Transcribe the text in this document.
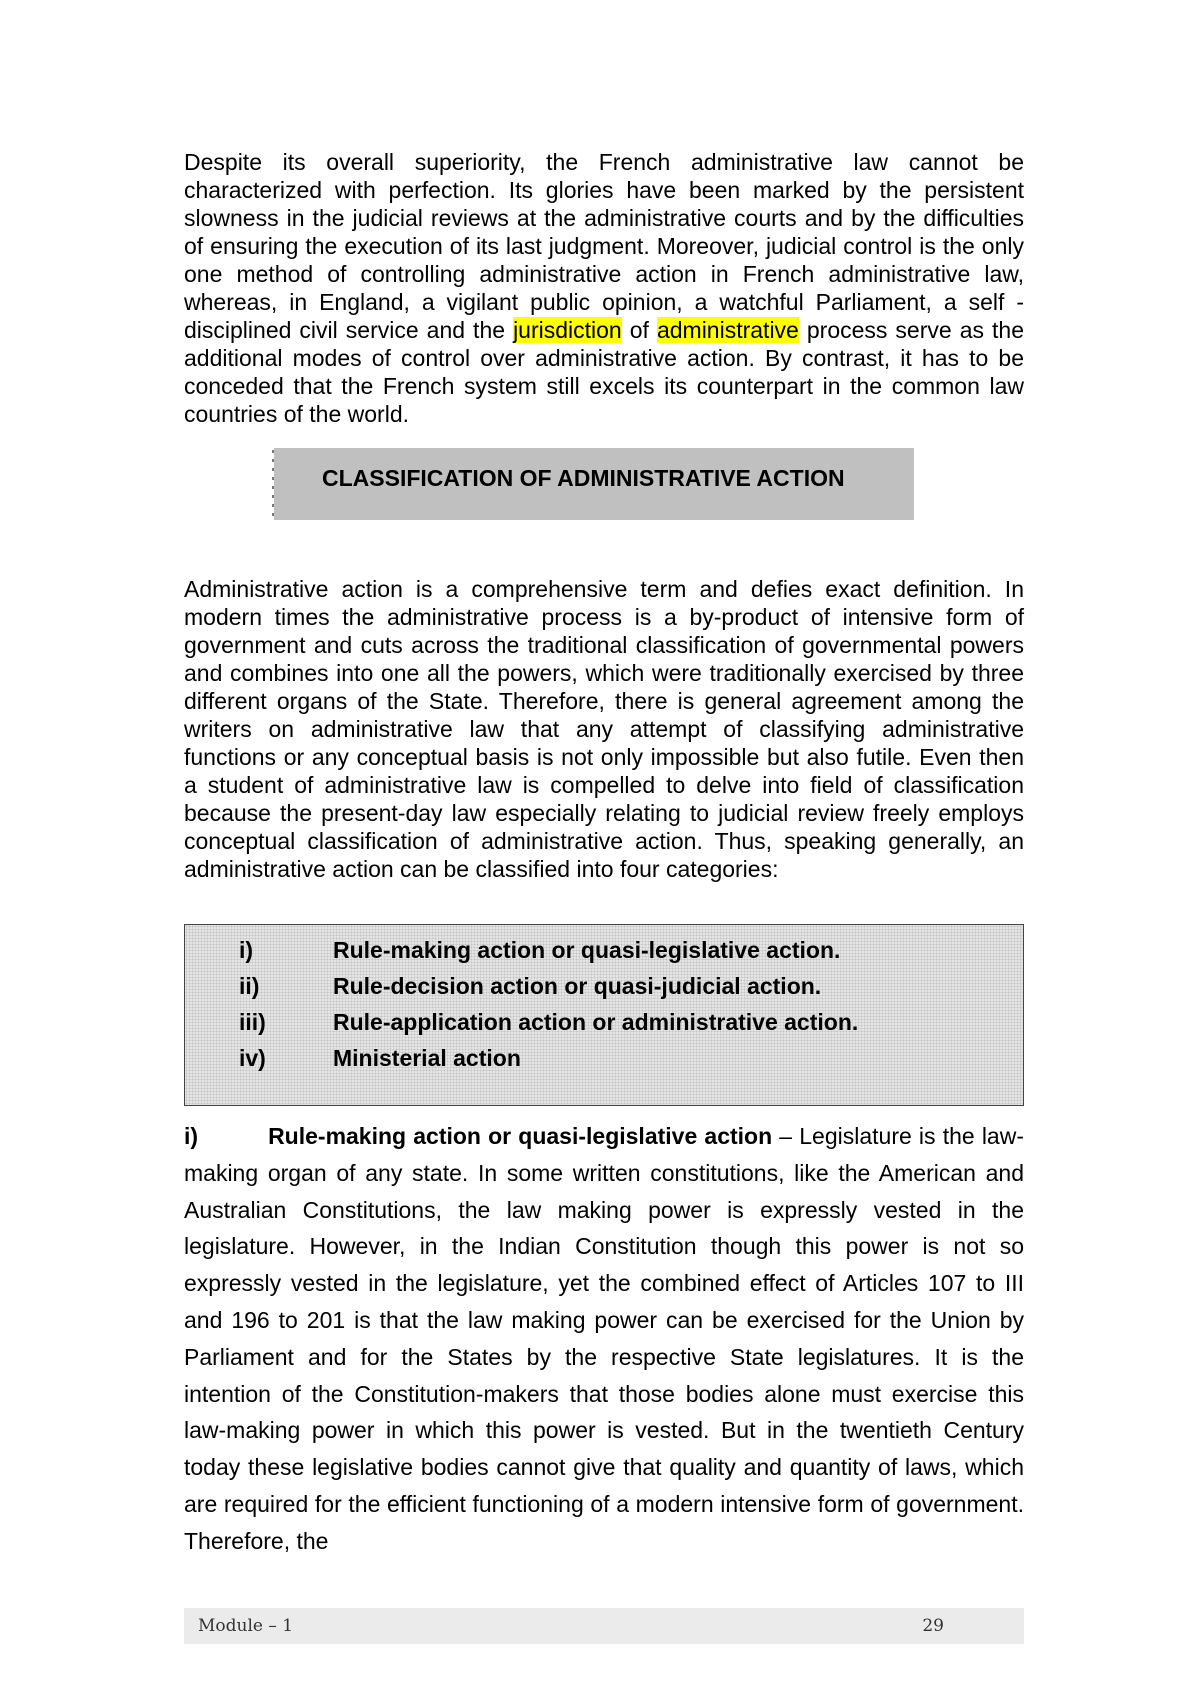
Despite its overall superiority, the French administrative law cannot be characterized with perfection. Its glories have been marked by the persistent slowness in the judicial reviews at the administrative courts and by the difficulties of ensuring the execution of its last judgment. Moreover, judicial control is the only one method of controlling administrative action in French administrative law, whereas, in England, a vigilant public opinion, a watchful Parliament, a self -disciplined civil service and the jurisdiction of administrative process serve as the additional modes of control over administrative action. By contrast, it has to be conceded that the French system still excels its counterpart in the common law countries of the world.

CLASSIFICATION OF ADMINISTRATIVE ACTION

Administrative action is a comprehensive term and defies exact definition. In modern times the administrative process is a by-product of intensive form of government and cuts across the traditional classification of governmental powers and combines into one all the powers, which were traditionally exercised by three different organs of the State. Therefore, there is general agreement among the writers on administrative law that any attempt of classifying administrative functions or any conceptual basis is not only impossible but also futile. Even then a student of administrative law is compelled to delve into field of classification because the present-day law especially relating to judicial review freely employs conceptual classification of administrative action. Thus, speaking generally, an administrative action can be classified into four categories:

i)	Rule-making action or quasi-legislative action.
ii)	Rule-decision action or quasi-judicial action.
iii)	Rule-application action or administrative action.
iv)	Ministerial action

i)	Rule-making action or quasi-legislative action – Legislature is the law-making organ of any state. In some written constitutions, like the American and Australian Constitutions, the law making power is expressly vested in the legislature. However, in the Indian Constitution though this power is not so expressly vested in the legislature, yet the combined effect of Articles 107 to III and 196 to 201 is that the law making power can be exercised for the Union by Parliament and for the States by the respective State legislatures. It is the intention of the Constitution-makers that those bodies alone must exercise this law-making power in which this power is vested. But in the twentieth Century today these legislative bodies cannot give that quality and quantity of laws, which are required for the efficient functioning of a modern intensive form of government. Therefore, the

Module – 1	29
